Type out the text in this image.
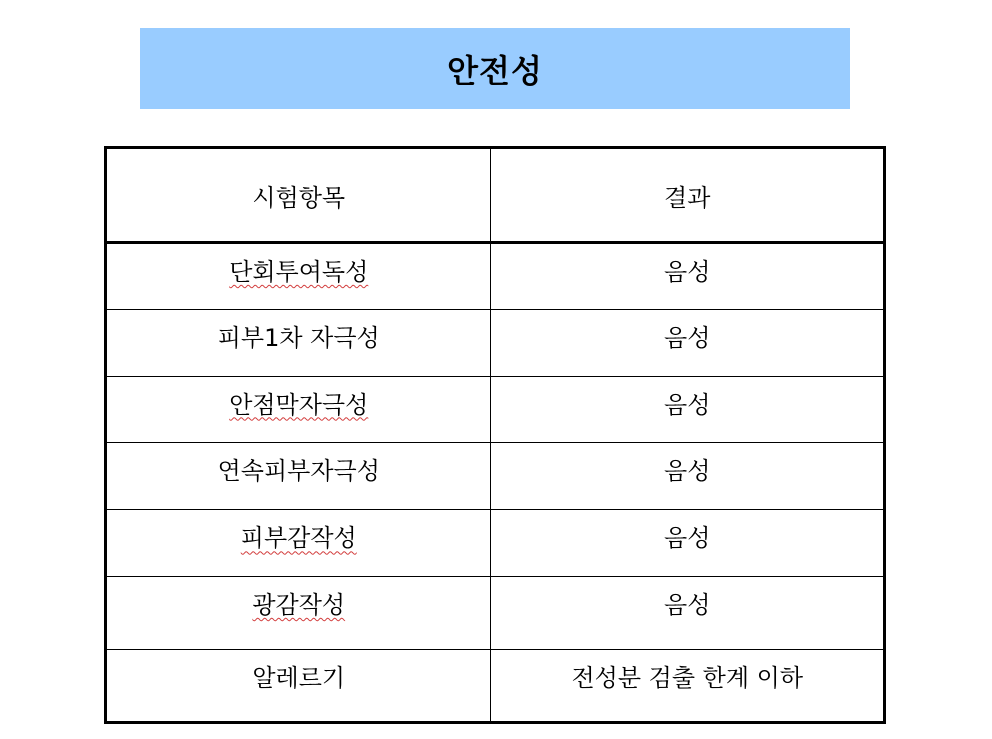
안전성
시험항목	결과
단회투여독성	음성
피부1차 자극성	음성
안점막자극성	음성
연속피부자극성	음성
피부감작성	음성
광감작성	음성
알레르기	전성분 검출 한계 이하
